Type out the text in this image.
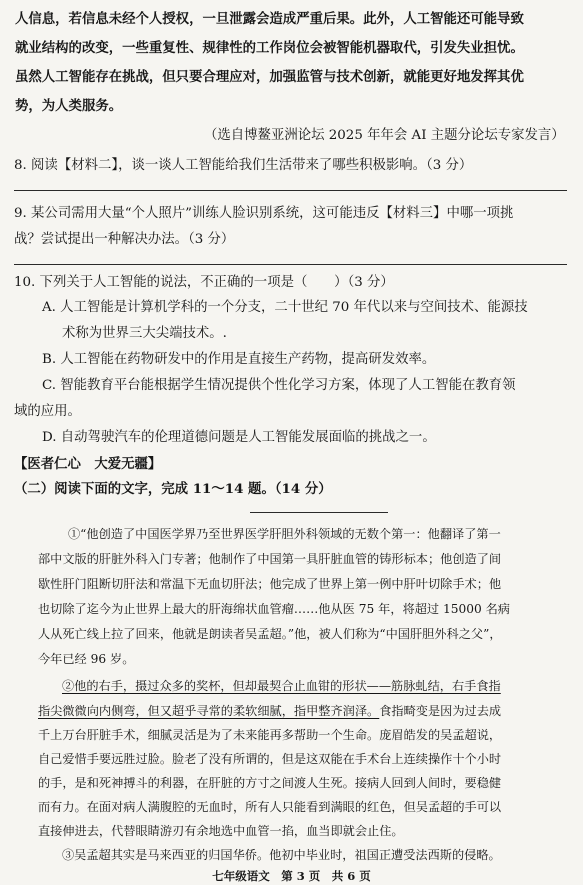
人信息，若信息未经个人授权，一旦泄露会造成严重后果。此外，人工智能还可能导致
就业结构的改变，一些重复性、规律性的工作岗位会被智能机器取代，引发失业担忧。
虽然人工智能存在挑战，但只要合理应对，加强监管与技术创新，就能更好地发挥其优
势，为人类服务。
（选自博鳌亚洲论坛 2025 年年会 AI 主题分论坛专家发言）
8. 阅读【材料二】，谈一谈人工智能给我们生活带来了哪些积极影响。（3 分）
9. 某公司需用大量“个人照片”训练人脸识别系统，这可能违反【材料三】中哪一项挑
战？尝试提出一种解决办法。（3 分）
10. 下列关于人工智能的说法，不正确的一项是（　　）（3 分）
A. 人工智能是计算机学科的一个分支，二十世纪 70 年代以来与空间技术、能源技
术称为世界三大尖端技术。.
B. 人工智能在药物研发中的作用是直接生产药物，提高研发效率。
C. 智能教育平台能根据学生情况提供个性化学习方案，体现了人工智能在教育领
域的应用。
D. 自动驾驶汽车的伦理道德问题是人工智能发展面临的挑战之一。
【医者仁心　大爱无疆】
（二）阅读下面的文字，完成 11～14 题。（14 分）
①“他创造了中国医学界乃至世界医学肝胆外科领域的无数个第一：他翻译了第一
部中文版的肝脏外科入门专著；他制作了中国第一具肝脏血管的铸形标本；他创造了间
歇性肝门阻断切肝法和常温下无血切肝法；他完成了世界上第一例中肝叶切除手术；他
也切除了迄今为止世界上最大的肝海绵状血管瘤……他从医 75 年，将超过 15000 名病
人从死亡线上拉了回来，他就是朗读者吴孟超。”他，被人们称为“中国肝胆外科之父”，
今年已经 96 岁。
②他的右手，摄过众多的奖杯，但却最契合止血钳的形状——筋脉虬结，右手食指
指尖微微向内侧弯，但又超乎寻常的柔软细腻，指甲整齐润泽。食指畸变是因为过去成
千上万台肝脏手术，细腻灵活是为了未来能再多帮助一个生命。庞眉皓发的吴孟超说，
自己爱惜手要远胜过脸。脸老了没有所谓的，但是这双能在手术台上连续操作十个小时
的手，是和死神搏斗的利器，在肝脏的方寸之间渡人生死。接病人回到人间时，要稳健
而有力。在面对病人满腹腔的无血时，所有人只能看到满眼的红色，但吴孟超的手可以
直接伸进去，代替眼睛游刃有余地选中血管一掐，血当即就会止住。
③吴孟超其实是马来西亚的归国华侨。他初中毕业时，祖国正遭受法西斯的侵略。
七年级语文　第 3 页　共 6 页
